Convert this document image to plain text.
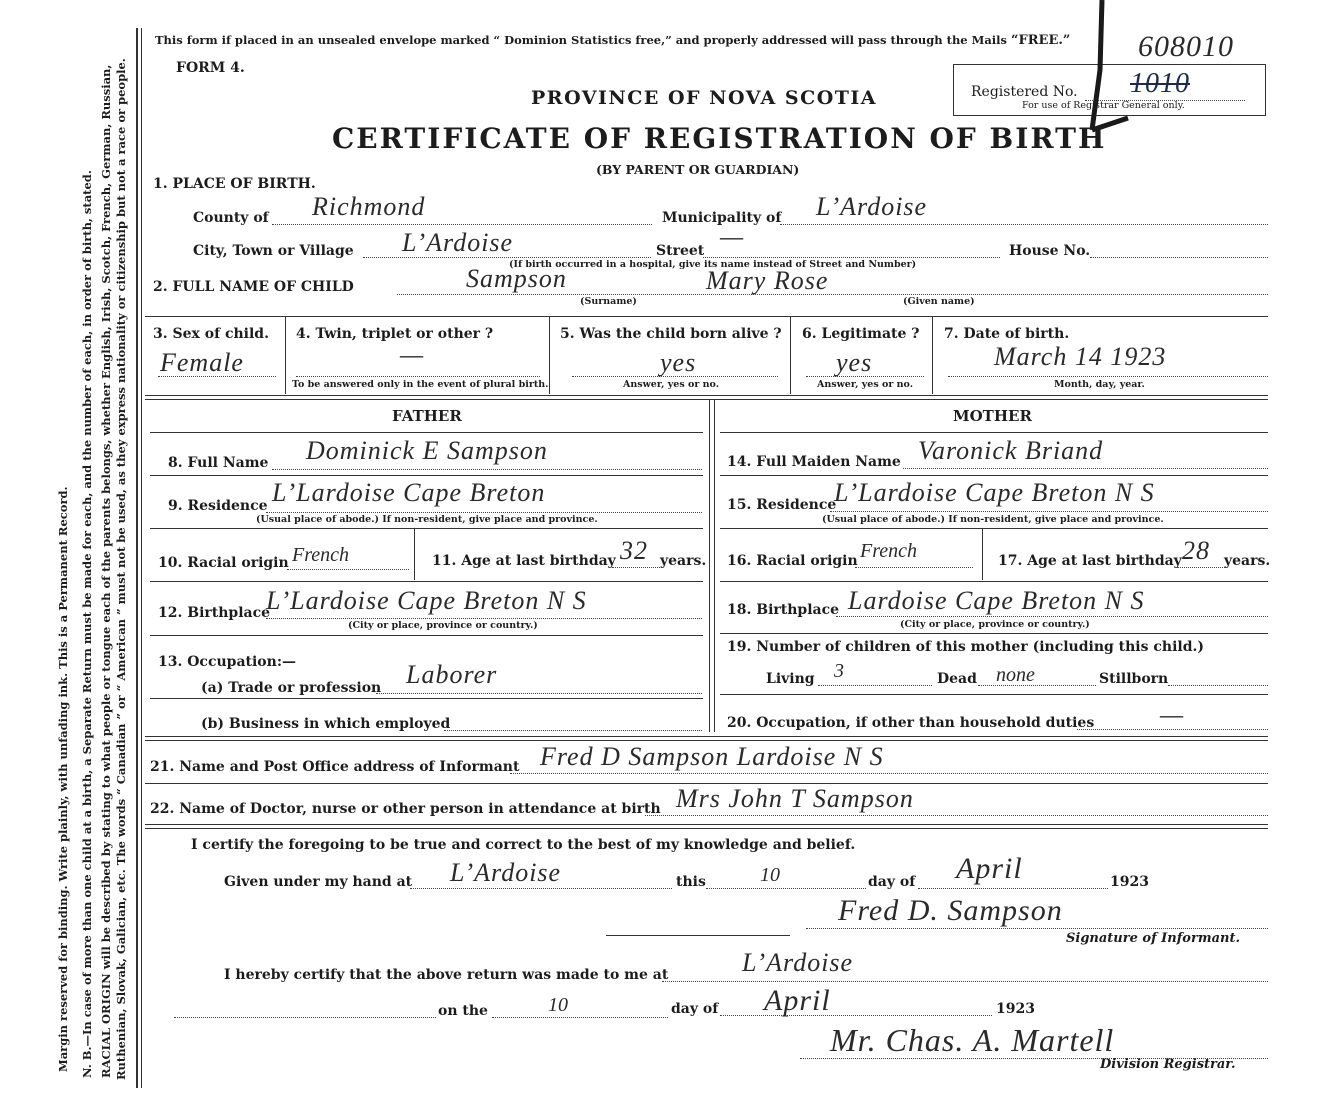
Margin reserved for binding. Write plainly, with unfading ink. This is a Permanent Record. N. B.—In case of more than one child at a birth, a Separate Return must be made for each, and the number of each, in order of birth, stated. RACIAL ORIGIN will be described by stating to what people or tongue each of the parents belongs, whether English, Irish, Scotch, French, German, Russian, Ruthenian, Slovak, Galician, etc. The words “ Canadian ” or “ American ” must not be used, as they express nationality or citizenship but not a race or people.
This form if placed in an unsealed envelope marked “ Dominion Statistics free,” and properly addressed will pass through the Mails “FREE.” 608010
FORM 4.
Registered No. 1010
For use of Registrar General only.
PROVINCE OF NOVA SCOTIA
CERTIFICATE OF REGISTRATION OF BIRTH
(BY PARENT OR GUARDIAN)
1. PLACE OF BIRTH.
County of Richmond	Municipality of L’Ardoise
City, Town or Village L’Ardoise	Street —	House No.
(If birth occurred in a hospital, give its name instead of Street and Number)
2. FULL NAME OF CHILD	Sampson	Mary Rose
(Surname)	(Given name)
3. Sex of child.
Female
4. Twin, triplet or other ?
—
To be answered only in the event of plural birth.
5. Was the child born alive ?
yes
Answer, yes or no.
6. Legitimate ?
yes
Answer, yes or no.
7. Date of birth.
March 14 1923
Month, day, year.
FATHER	MOTHER
8. Full Name Dominick E Sampson
9. Residence L’Lardoise Cape Breton
(Usual place of abode.) If non-resident, give place and province.
10. Racial origin French	11. Age at last birthday 32 years.
12. Birthplace
L’Lardoise Cape Breton N S
(City or place, province or country.)
13. Occupation:—
(a) Trade or profession Laborer
(b) Business in which employed
14. Full Maiden Name Varonick Briand
15. Residence
L’Lardoise Cape Breton N S
(Usual place of abode.) If non-resident, give place and province.
16. Racial origin French	17. Age at last birthday 28 years.
18. Birthplace Lardoise Cape Breton N S
(City or place, province or country.)
19. Number of children of this mother (including this child.)
Living 3	Dead none	Stillborn
20. Occupation, if other than household duties	—
21. Name and Post Office address of Informant Fred D Sampson Lardoise N S
22. Name of Doctor, nurse or other person in attendance at birth Mrs John T Sampson
I certify the foregoing to be true and correct to the best of my knowledge and belief.
Given under my hand at L’Ardoise	this	10	day of April	1923
Fred D. Sampson
Signature of Informant.
I hereby certify that the above return was made to me at	L’Ardoise
on the	10	day of April	1923
Mr. Chas. A. Martell
Division Registrar.
